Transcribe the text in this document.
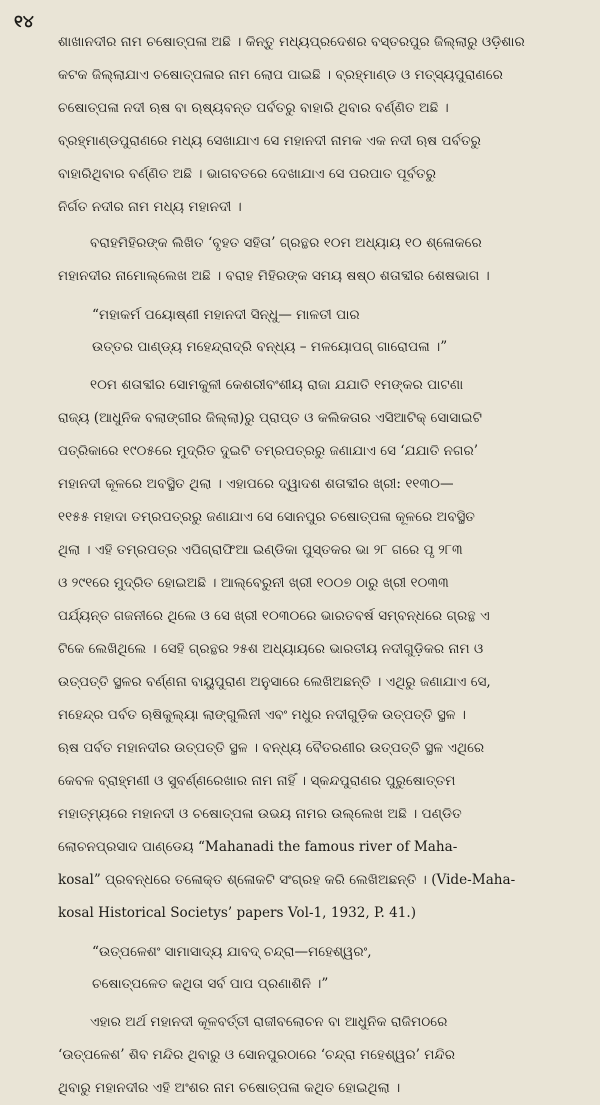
୧୪
ଶାଖାନଦୀର ନାମ ଚଷୋତ୍ପଳା ଅଛି । କିନ୍ତୁ ମଧ୍ୟପ୍ରଦେଶର ବସ୍ତରପୁର ଜିଲ୍ଲାରୁ ଓଡ଼ିଶାର
କଟକ ଜିଲ୍ଲାଯାଏ ଚଷୋତ୍ପଳାର ନାମ ଲୋପ ପାଇଛି । ବ୍ରହ୍ମାଣ୍ଡ ଓ ମତ୍ସ୍ୟପୁରାଣରେ
ଚଷୋତ୍ପଳା ନଦୀ ଋଷ ବା ଋଷ୍ୟବନ୍ତ ପର୍ବତରୁ ବାହାରି ଥିବାର ବର୍ଣ୍ଣିତ ଅଛି ।
ବ୍ରହ୍ମାଣ୍ଡପୁରାଣରେ ମଧ୍ୟ ସେଖାଯାଏ ସେ ମହାନଦୀ ନାମକ ଏକ ନଦୀ ଋଷ ପର୍ବତରୁ
ବାହାରିଥିବାର ବର୍ଣ୍ଣିତ ଅଛି । ଭାଗବତରେ ଦେଖାଯାଏ ସେ ପରପାତ ପୂର୍ବତରୁ
ନିର୍ଗତ ନଦୀର ନାମ ମଧ୍ୟ ମହାନଦୀ ।
ବରାହମିହିରଙ୍କ ଲିଖିତ ‘ବୃହତ ସହିତା’ ଗ୍ରନ୍ଥର ୧୦ମ ଅଧ୍ୟାୟ ୧୦ ଶ୍ଳୋକରେ
ମହାନଦୀର ନାମୋଲ୍ଲେଖ ଅଛି । ବରାହ ମିହିରଙ୍କ ସମୟ ଷଷ୍ଠ ଶତାବ୍ଦୀର ଶେଷଭାଗ ।
“ମହାକର୍ମ ପୟୋଷ୍ଣୀ ମହାନଦୀ ସିନ୍ଧୁ— ମାଳତୀ ପାର
ଉତ୍ତର ପାଣ୍ଡ୍ୟ ମହେନ୍ଦ୍ରାଦ୍ରି ବନ୍ଧ୍ୟ – ମଳୟୋପଗ୍ ଗାରୋପଳା ।”
୧୦ମ ଶତାବ୍ଦୀର ସୋମକୁଳୀ କେଶରୀବଂଶୀୟ ରାଜା ଯଯାତି ୧ମଙ୍କର ପାଟଣା
ରାଜ୍ୟ (ଆଧୁନିକ ବଲାଙ୍ଗୀର ଜିଲ୍ଲା)ରୁ ପ୍ରାପ୍ତ ଓ କଲିକତାର ଏସିଆଟିକ୍ ସୋସାଇଟି
ପତ୍ରିକାରେ ୧୯୦୫ରେ ମୁଦ୍ରିତ ଦୁଇଟି ତମ୍ରପତ୍ରରୁ ଜଣାଯାଏ ସେ ‘ଯଯାତି ନଗର’
ମହାନଦୀ କୂଳରେ ଅବସ୍ଥିତ ଥିଲା । ଏହାପରେ ଦ୍ୱାଦଶ ଶତାବ୍ଦୀର ଖ୍ରୀ: ୧୧୩୦—
୧୧୫୫ ମହାଦା ତମ୍ରପତ୍ରରୁ ଜଣାଯାଏ ସେ ସୋନପୁର ଚଷୋତ୍ପଳା କୂଳରେ ଅବସ୍ଥିତ
ଥିଲା । ଏହି ତମ୍ରପତ୍ର ଏପିଗ୍ରାଫିଆ ଇଣ୍ଡିକା ପୁସ୍ତକର ଭା ୨୮ ଗରେ ପୃ ୨୮୩
ଓ ୨୯୧ରେ ମୁଦ୍ରିତ ହୋଇଅଛି । ଆଲ୍‌ବେରୁନୀ ଖ୍ରୀ ୧୦୦୭ ଠାରୁ ଖ୍ରୀ ୧୦୩୩
ପର୍ଯ୍ୟନ୍ତ ଗଜନୀରେ ଥିଲେ ଓ ସେ ଖ୍ରୀ ୧୦୩୦ରେ ଭାରତବର୍ଷ ସମ୍ବନ୍ଧରେ ଗ୍ରନ୍ଥ ଏ
ଟିକେ ଲେଖିଥିଲେ । ସେହି ଗ୍ରନ୍ଥର ୨୫ଶ ଅଧ୍ୟାୟରେ ଭାରତୀୟ ନଦୀଗୁଡ଼ିକର ନାମ ଓ
ଉତ୍ପତ୍ତି ସ୍ଥଳର ବର୍ଣ୍ଣନା ବାୟୁପୁରାଣ ଅନୁସାରେ ଲେଖିଅଛନ୍ତି । ଏଥିରୁ ଜଣାଯାଏ ସେ,
ମହେନ୍ଦ୍ର ପର୍ବତ ଋଷିକୁଲ୍ୟା ଲାଙ୍ଗୁଲିନୀ ଏବଂ ମଧୁର ନଦୀଗୁଡ଼ିକ ଉତ୍ପତ୍ତି ସ୍ଥଳ ।
ଋଷ ପର୍ବତ ମହାନଦୀର ଉତ୍ପତ୍ତି ସ୍ଥଳ । ବନ୍ଧ୍ୟ ବୈତରଣୀର ଉତ୍ପତ୍ତି ସ୍ଥଳ ଏଥିରେ
କେବଳ ବ୍ରାହ୍ମଣୀ ଓ ସୁବର୍ଣ୍ଣରେଖାର ନାମ ନାହିଁ । ସ୍କନ୍ଦପୁରାଣର ପୁରୁଷୋତ୍ତମ
ମହାତ୍ମ୍ୟରେ ମହାନଦୀ ଓ ଚଷୋତ୍ପଳା ଉଭୟ ନାମର ଉଲ୍ଲେଖ ଅଛି । ପଣ୍ଡିତ
ଲୋଚନପ୍ରସାଦ ପାଣ୍ଡେୟ “Mahanadi the famous river of Maha-
kosal” ପ୍ରବନ୍ଧରେ ତଳୋକ୍ତ ଶ୍ଳୋକଟି ସଂଗ୍ରହ କରି ଲେଖିଅଛନ୍ତି । (Vide-Maha-
kosal Historical Societys’ papers Vol-1, 1932, P. 41.)
“ଉତ୍ପଳେଶଂ ସାମାସାଦ୍ୟ ଯାବଦ୍ ଚନ୍ଦ୍ରା—ମହେଶ୍ୱରଂ,
ଚଷୋତ୍ପଳେତ କଥିତା ସର୍ବ ପାପ ପ୍ରଣାଶିନି ।”
ଏହାର ଅର୍ଥ ମହାନଦୀ କୂଳବର୍ତ୍ତୀ ରାଜୀବଲୋଚନ ବା ଆଧୁନିକ ରାଜିମଠରେ
‘ଉତ୍ପଳେଶ’ ଶିବ ମନ୍ଦିର ଥିବାରୁ ଓ ସୋନପୁରଠାରେ ‘ଚନ୍ଦ୍ରା ମହେଶ୍ୱର’ ମନ୍ଦିର
ଥିବାରୁ ମହାନଦୀର ଏହି ଅଂଶର ନାମ ଚଷୋତ୍ପଳା କଥିତ ହୋଇଥିଲା ।
